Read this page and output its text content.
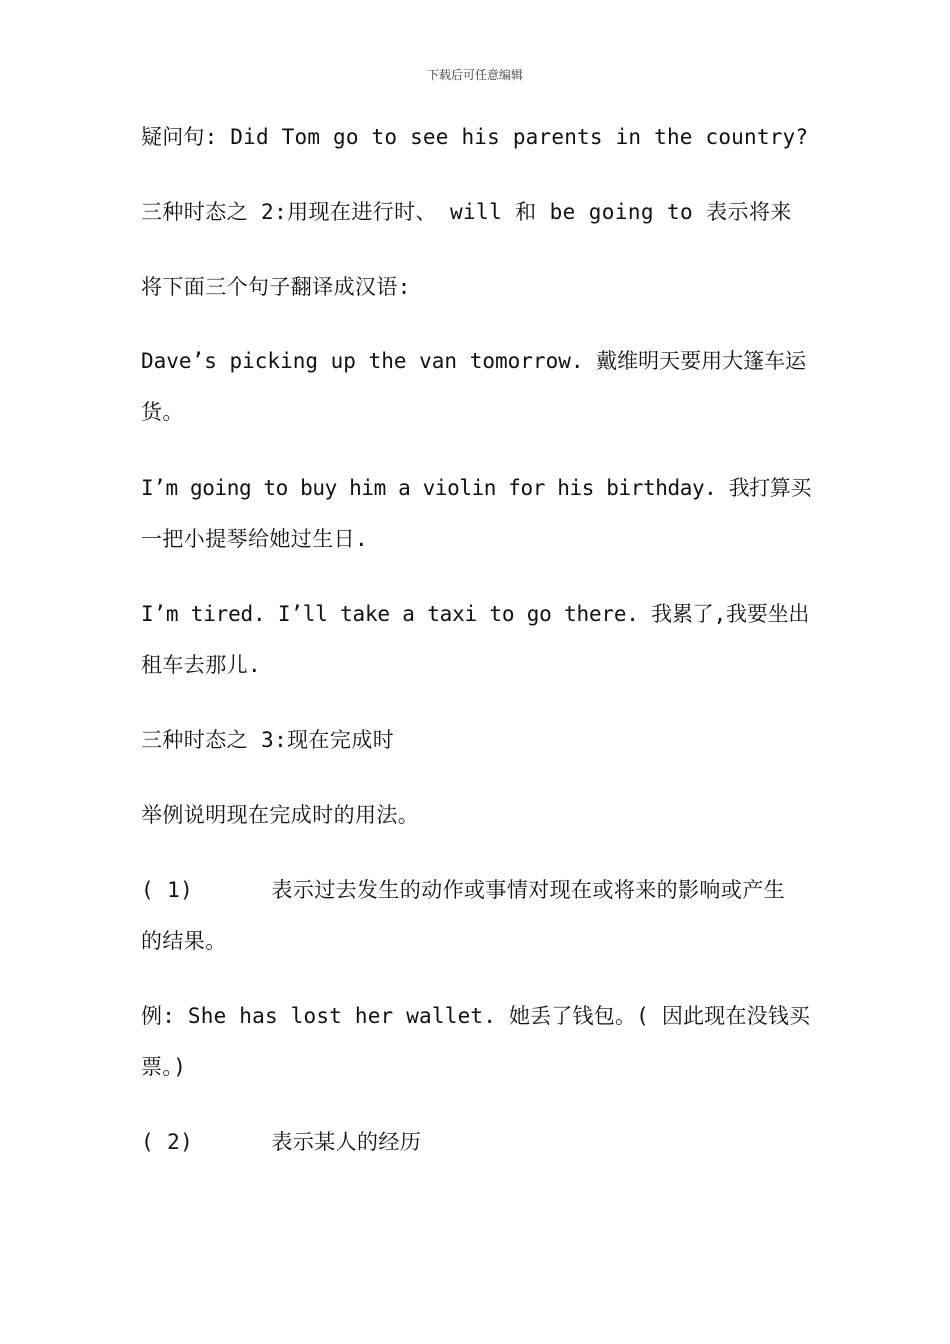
下载后可任意编辑
疑问句: Did Tom go to see his parents in the country?
三种时态之 2:用现在进行时、 will 和 be going to 表示将来
将下面三个句子翻译成汉语:
Dave’s picking up the van tomorrow. 戴维明天要用大篷车运
货。
I’m going to buy him a violin for his birthday. 我打算买
一把小提琴给她过生日.
I’m tired. I’ll take a taxi to go there. 我累了,我要坐出
租车去那儿.
三种时态之 3:现在完成时
举例说明现在完成时的用法。
( 1)      表示过去发生的动作或事情对现在或将来的影响或产生
的结果。
例: She has lost her wallet. 她丢了钱包。( 因此现在没钱买
票。)
( 2)      表示某人的经历
